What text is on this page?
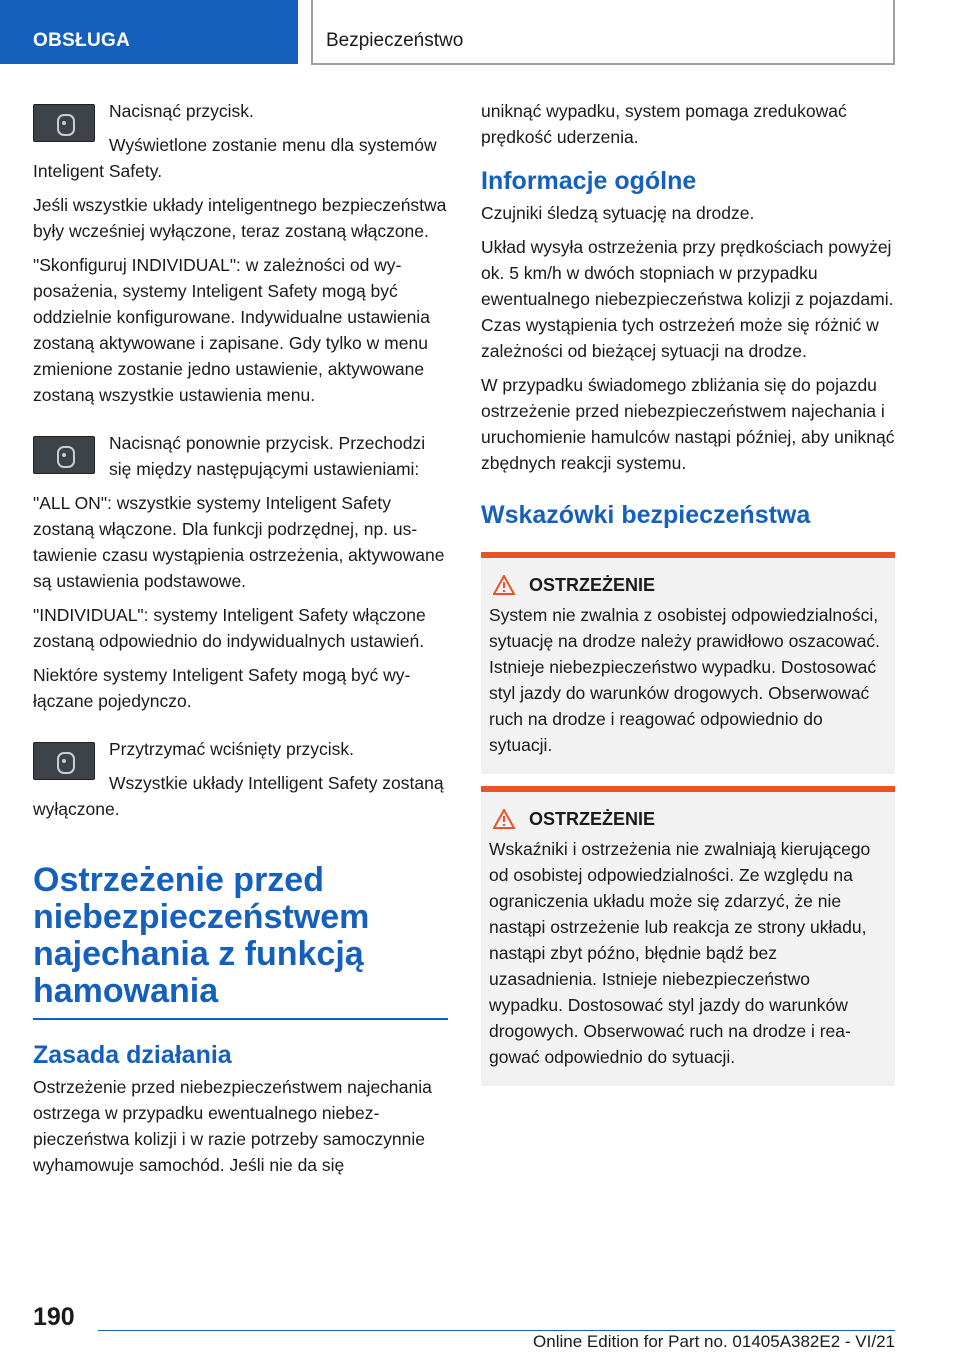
OBSŁUGA	Bezpieczeństwo

Nacisnąć przycisk.

Wyświetlone zostanie menu dla systemów Inteligent Safety.

Jeśli wszystkie układy inteligentnego bezpieczeństwa były wcześniej wyłączone, teraz zostaną włączone.

"Skonfiguruj INDIVIDUAL": w zależności od wyposażenia, systemy Inteligent Safety mogą być oddzielnie konfigurowane. Indywidualne ustawienia zostaną aktywowane i zapisane. Gdy tylko w menu zmienione zostanie jedno ustawienie, aktywowane zostaną wszystkie ustawienia menu.

Nacisnąć ponownie przycisk. Przechodzi się między następującymi ustawieniami:

"ALL ON": wszystkie systemy Inteligent Safety zostaną włączone. Dla funkcji podrzędnej, np. ustawienie czasu wystąpienia ostrzeżenia, aktywowane są ustawienia podstawowe.

"INDIVIDUAL": systemy Inteligent Safety włączone zostaną odpowiednio do indywidualnych ustawień.

Niektóre systemy Inteligent Safety mogą być wyłączane pojedynczo.

Przytrzymać wciśnięty przycisk.

Wszystkie układy Intelligent Safety zostaną wyłączone.

Ostrzeżenie przed niebezpieczeństwem najechania z funkcją hamowania
Zasada działania

Ostrzeżenie przed niebezpieczeństwem najechania ostrzega w przypadku ewentualnego niebezpieczeństwa kolizji i w razie potrzeby samoczynnie wyhamowuje samochód. Jeśli nie da się

uniknąć wypadku, system pomaga zredukować prędkość uderzenia.

Informacje ogólne

Czujniki śledzą sytuację na drodze.

Układ wysyła ostrzeżenia przy prędkościach powyżej ok. 5 km/h w dwóch stopniach w przypadku ewentualnego niebezpieczeństwa kolizji z pojazdami. Czas wystąpienia tych ostrzeżeń może się różnić w zależności od bieżącej sytuacji na drodze.

W przypadku świadomego zbliżania się do pojazdu ostrzeżenie przed niebezpieczeństwem najechania i uruchomienie hamulców nastąpi później, aby uniknąć zbędnych reakcji systemu.

Wskazówki bezpieczeństwa
OSTRZEŻENIE
System nie zwalnia z osobistej odpowiedzialności, sytuację na drodze należy prawidłowo oszacować. Istnieje niebezpieczeństwo wypadku. Dostosować styl jazdy do warunków drogowych. Obserwować ruch na drodze i reagować odpowiednio do sytuacji.
OSTRZEŻENIE
Wskaźniki i ostrzeżenia nie zwalniają kierującego od osobistej odpowiedzialności. Ze względu na ograniczenia układu może się zdarzyć, że nie nastąpi ostrzeżenie lub reakcja ze strony układu, nastąpi zbyt późno, błędnie bądź bez uzasadnienia. Istnieje niebezpieczeństwo wypadku. Dostosować styl jazdy do warunków drogowych. Obserwować ruch na drodze i reagować odpowiednio do sytuacji.
190
Online Edition for Part no. 01405A382E2 - VI/21
